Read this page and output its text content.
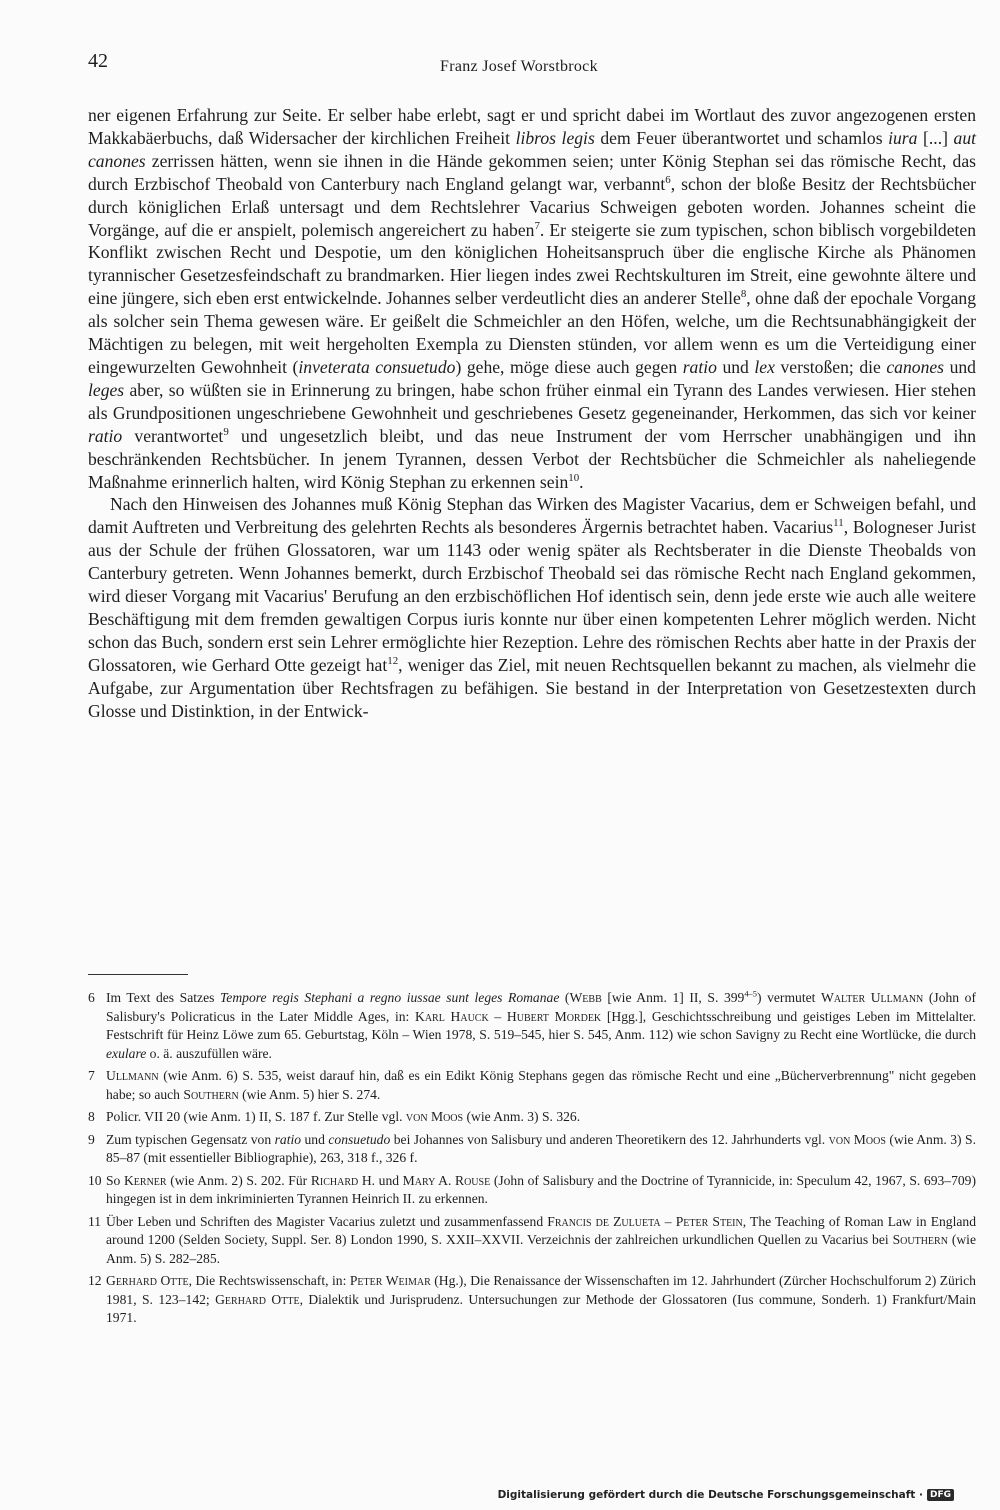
42	Franz Josef Worstbrock

ner eigenen Erfahrung zur Seite. Er selber habe erlebt, sagt er und spricht dabei im Wortlaut des zuvor angezogenen ersten Makkabäerbuchs, daß Widersacher der kirchlichen Freiheit libros legis dem Feuer überantwortet und schamlos iura [...] aut canones zerrissen hätten, wenn sie ihnen in die Hände gekommen seien; unter König Stephan sei das römische Recht, das durch Erzbischof Theobald von Canterbury nach England gelangt war, verbannt$^6$, schon der bloße Besitz der Rechtsbücher durch königlichen Erlaß untersagt und dem Rechtslehrer Vacarius Schweigen geboten worden. Johannes scheint die Vorgänge, auf die er anspielt, polemisch angereichert zu haben$^7$. Er steigerte sie zum typischen, schon biblisch vorgebildeten Konflikt zwischen Recht und Despotie, um den königlichen Hoheitsanspruch über die englische Kirche als Phänomen tyrannischer Gesetzesfeindschaft zu brandmarken. Hier liegen indes zwei Rechtskulturen im Streit, eine gewohnte ältere und eine jüngere, sich eben erst entwickelnde. Johannes selber verdeutlicht dies an anderer Stelle$^8$, ohne daß der epochale Vorgang als solcher sein Thema gewesen wäre. Er geißelt die Schmeichler an den Höfen, welche, um die Rechtsunabhängigkeit der Mächtigen zu belegen, mit weit hergeholten Exempla zu Diensten stünden, vor allem wenn es um die Verteidigung einer eingewurzelten Gewohnheit (inveterata consuetudo) gehe, möge diese auch gegen ratio und lex verstoßen; die canones und leges aber, so wüßten sie in Erinnerung zu bringen, habe schon früher einmal ein Tyrann des Landes verwiesen. Hier stehen als Grundpositionen ungeschriebene Gewohnheit und geschriebenes Gesetz gegeneinander, Herkommen, das sich vor keiner ratio verantwortet$^9$ und ungesetzlich bleibt, und das neue Instrument der vom Herrscher unabhängigen und ihn beschränkenden Rechtsbücher. In jenem Tyrannen, dessen Verbot der Rechtsbücher die Schmeichler als naheliegende Maßnahme erinnerlich halten, wird König Stephan zu erkennen sein$^{10}$.

Nach den Hinweisen des Johannes muß König Stephan das Wirken des Magister Vacarius, dem er Schweigen befahl, und damit Auftreten und Verbreitung des gelehrten Rechts als besonderes Ärgernis betrachtet haben. Vacarius$^{11}$, Bologneser Jurist aus der Schule der frühen Glossatoren, war um 1143 oder wenig später als Rechtsberater in die Dienste Theobalds von Canterbury getreten. Wenn Johannes bemerkt, durch Erzbischof Theobald sei das römische Recht nach England gekommen, wird dieser Vorgang mit Vacarius' Berufung an den erzbischöflichen Hof identisch sein, denn jede erste wie auch alle weitere Beschäftigung mit dem fremden gewaltigen Corpus iuris konnte nur über einen kompetenten Lehrer möglich werden. Nicht schon das Buch, sondern erst sein Lehrer ermöglichte hier Rezeption. Lehre des römischen Rechts aber hatte in der Praxis der Glossatoren, wie Gerhard Otte gezeigt hat$^{12}$, weniger das Ziel, mit neuen Rechtsquellen bekannt zu machen, als vielmehr die Aufgabe, zur Argumentation über Rechtsfragen zu befähigen. Sie bestand in der Interpretation von Gesetzestexten durch Glosse und Distinktion, in der Entwick-

6 Im Text des Satzes Tempore regis Stephani a regno iussae sunt leges Romanae (Webb [wie Anm. 1] II, S. 399$^{4-5}$) vermutet Walter Ullmann (John of Salisbury's Policraticus in the Later Middle Ages, in: Karl Hauck – Hubert Mordek [Hgg.], Geschichtsschreibung und geistiges Leben im Mittelalter. Festschrift für Heinz Löwe zum 65. Geburtstag, Köln – Wien 1978, S. 519–545, hier S. 545, Anm. 112) wie schon Savigny zu Recht eine Wortlücke, die durch exulare o. ä. auszufüllen wäre.
7 Ullmann (wie Anm. 6) S. 535, weist darauf hin, daß es ein Edikt König Stephans gegen das römische Recht und eine „Bücherverbrennung" nicht gegeben habe; so auch Southern (wie Anm. 5) hier S. 274.
8 Policr. VII 20 (wie Anm. 1) II, S. 187 f. Zur Stelle vgl. von Moos (wie Anm. 3) S. 326.
9 Zum typischen Gegensatz von ratio und consuetudo bei Johannes von Salisbury und anderen Theoretikern des 12. Jahrhunderts vgl. von Moos (wie Anm. 3) S. 85–87 (mit essentieller Bibliographie), 263, 318 f., 326 f.
10 So Kerner (wie Anm. 2) S. 202. Für Richard H. und Mary A. Rouse (John of Salisbury and the Doctrine of Tyrannicide, in: Speculum 42, 1967, S. 693–709) hingegen ist in dem inkriminierten Tyrannen Heinrich II. zu erkennen.
11 Über Leben und Schriften des Magister Vacarius zuletzt und zusammenfassend Francis de Zulueta – Peter Stein, The Teaching of Roman Law in England around 1200 (Selden Society, Suppl. Ser. 8) London 1990, S. XXII–XXVII. Verzeichnis der zahlreichen urkundlichen Quellen zu Vacarius bei Southern (wie Anm. 5) S. 282–285.
12 Gerhard Otte, Die Rechtswissenschaft, in: Peter Weimar (Hg.), Die Renaissance der Wissenschaften im 12. Jahrhundert (Zürcher Hochschulforum 2) Zürich 1981, S. 123–142; Gerhard Otte, Dialektik und Jurisprudenz. Untersuchungen zur Methode der Glossatoren (Ius commune, Sonderh. 1) Frankfurt/Main 1971.
Digitalisierung gefördert durch die Deutsche Forschungsgemeinschaft · DFG
